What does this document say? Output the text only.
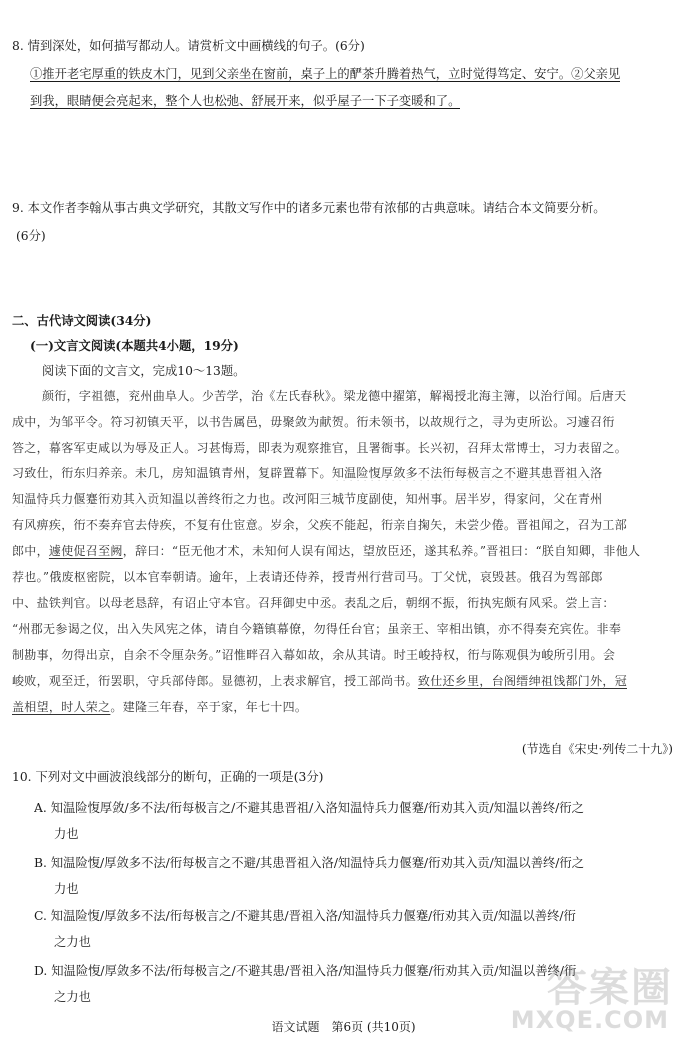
8. 情到深处，如何描写都动人。请赏析文中画横线的句子。(6分)
①推开老宅厚重的铁皮木门，见到父亲坐在窗前，桌子上的酽茶升腾着热气，立时觉得笃定、安宁。②父亲见
到我，眼睛便会亮起来，整个人也松弛、舒展开来，似乎屋子一下子变暖和了。
9. 本文作者李翰从事古典文学研究，其散文写作中的诸多元素也带有浓郁的古典意味。请结合本文简要分析。
(6分)
二、古代诗文阅读(34分)
(一)文言文阅读(本题共4小题，19分)
阅读下面的文言文，完成10～13题。
颜衎，字祖德，兖州曲阜人。少苦学，治《左氏春秋》。梁龙德中擢第，解褐授北海主簿，以治行闻。后唐天
成中，为邹平令。符习初镇天平，以书告属邑，毋聚敛为献贺。衎未领书，以故规行之，寻为吏所讼。习遽召衎
答之，幕客军吏咸以为辱及正人。习甚悔焉，即表为观察推官，且署衙事。长兴初，召拜太常博士，习力表留之。
习致仕，衎东归养亲。未几，房知温镇青州，复辟置幕下。知温险愎厚敛多不法衎每极言之不避其患晋祖入洛
知温恃兵力偃蹇衎劝其入贡知温以善终衎之力也。改河阳三城节度副使，知州事。居半岁，得家问，父在青州
有风痹疾，衎不奏弃官去侍疾，不复有仕宦意。岁余，父疾不能起，衎亲自掬矢，未尝少倦。晋祖闻之，召为工部
郎中，遽使促召至阙，辞曰：“臣无他才术，未知何人误有闻达，望放臣还，遂其私养。”晋祖曰：“朕自知卿，非他人
荐也。”俄废枢密院，以本官奉朝请。逾年，上表请还侍养，授青州行营司马。丁父忧，哀毁甚。俄召为驾部郎
中、盐铁判官。以母老恳辞，有诏止守本官。召拜御史中丞。表乱之后，朝纲不振，衎执宪颇有风采。尝上言：
“州郡无参谒之仪，出入失风宪之体，请自今籍镇幕僚，勿得任台官；虽亲王、宰相出镇，亦不得奏充宾佐。非奉
制勘事，勿得出京，自余不令厘杂务。”诏惟畔召入幕如故，余从其请。时王峻持权，衎与陈观俱为峻所引用。会
峻败，观至迁，衎罢职，守兵部侍郎。显德初，上表求解官，授工部尚书。致仕还乡里，台阁缙绅祖饯都门外，冠
盖相望，时人荣之。建隆三年春，卒于家，年七十四。
(节选自《宋史·列传二十九》)
10. 下列对文中画波浪线部分的断句，正确的一项是(3分)
A. 知温险愎厚敛/多不法/衎每极言之/不避其患晋祖/入洛知温恃兵力偃蹇/衎劝其入贡/知温以善终/衎之
力也
B. 知温险愎/厚敛多不法/衎每极言之不避/其患晋祖入洛/知温恃兵力偃蹇/衎劝其入贡/知温以善终/衎之
力也
C. 知温险愎/厚敛多不法/衎每极言之/不避其患/晋祖入洛/知温恃兵力偃蹇/衎劝其入贡/知温以善终/衎
之力也
D. 知温险愎/厚敛多不法/衎每极言之/不避其患/晋祖入洛/知温恃兵力偃蹇/衎劝其入贡/知温以善终/衎
之力也
语文试题　第6页 (共10页)
答案圈
MXQE.COM
